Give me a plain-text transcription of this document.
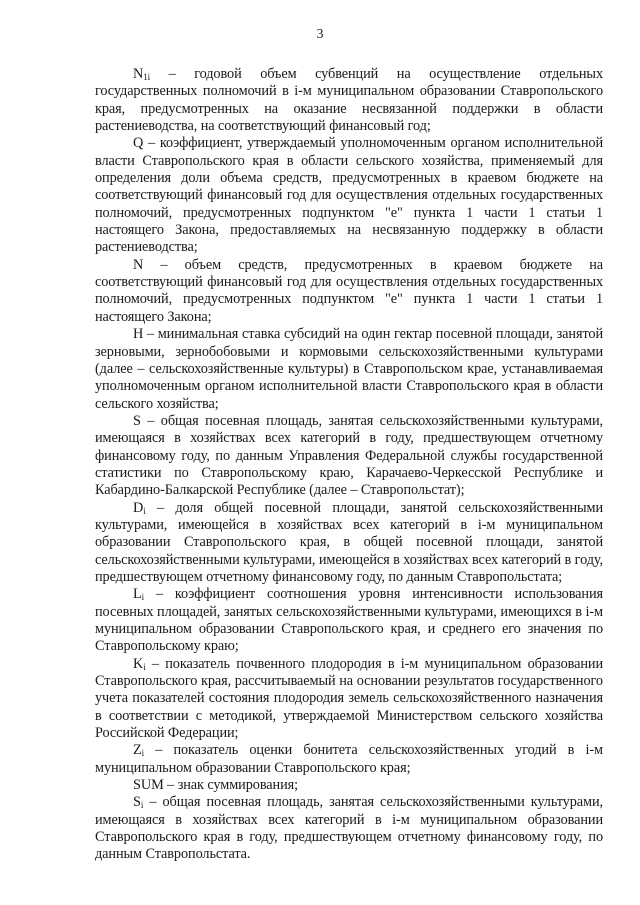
3

$N_{1i}$ – годовой объем субвенций на осуществление отдельных государственных полномочий в i-м муниципальном образовании Ставропольского края, предусмотренных на оказание несвязанной поддержки в области растениеводства, на соответствующий финансовый год;

Q – коэффициент, утверждаемый уполномоченным органом исполнительной власти Ставропольского края в области сельского хозяйства, применяемый для определения доли объема средств, предусмотренных в краевом бюджете на соответствующий финансовый год для осуществления отдельных государственных полномочий, предусмотренных подпунктом "е" пункта 1 части 1 статьи 1 настоящего Закона, предоставляемых на несвязанную поддержку в области растениеводства;

N – объем средств, предусмотренных в краевом бюджете на соответствующий финансовый год для осуществления отдельных государственных полномочий, предусмотренных подпунктом "е" пункта 1 части 1 статьи 1 настоящего Закона;

Н – минимальная ставка субсидий на один гектар посевной площади, занятой зерновыми, зернобобовыми и кормовыми сельскохозяйственными культурами (далее – сельскохозяйственные культуры) в Ставропольском крае, устанавливаемая уполномоченным органом исполнительной власти Ставропольского края в области сельского хозяйства;

S – общая посевная площадь, занятая сельскохозяйственными культурами, имеющаяся в хозяйствах всех категорий в году, предшествующем отчетному финансовому году, по данным Управления Федеральной службы государственной статистики по Ставропольскому краю, Карачаево-Черкесской Республике и Кабардино-Балкарской Республике (далее – Ставропольстат);

$D_i$ – доля общей посевной площади, занятой сельскохозяйственными культурами, имеющейся в хозяйствах всех категорий в i-м муниципальном образовании Ставропольского края, в общей посевной площади, занятой сельскохозяйственными культурами, имеющейся в хозяйствах всех категорий в году, предшествующем отчетному финансовому году, по данным Ставропольстата;

$L_i$ – коэффициент соотношения уровня интенсивности использования посевных площадей, занятых сельскохозяйственными культурами, имеющихся в i-м муниципальном образовании Ставропольского края, и среднего его значения по Ставропольскому краю;

$K_i$ – показатель почвенного плодородия в i-м муниципальном образовании Ставропольского края, рассчитываемый на основании результатов государственного учета показателей состояния плодородия земель сельскохозяйственного назначения в соответствии с методикой, утверждаемой Министерством сельского хозяйства Российской Федерации;

$Z_i$ – показатель оценки бонитета сельскохозяйственных угодий в i-м муниципальном образовании Ставропольского края;

SUM – знак суммирования;

$S_i$ – общая посевная площадь, занятая сельскохозяйственными культурами, имеющаяся в хозяйствах всех категорий в i-м муниципальном образовании Ставропольского края в году, предшествующем отчетному финансовому году, по данным Ставропольстата.
